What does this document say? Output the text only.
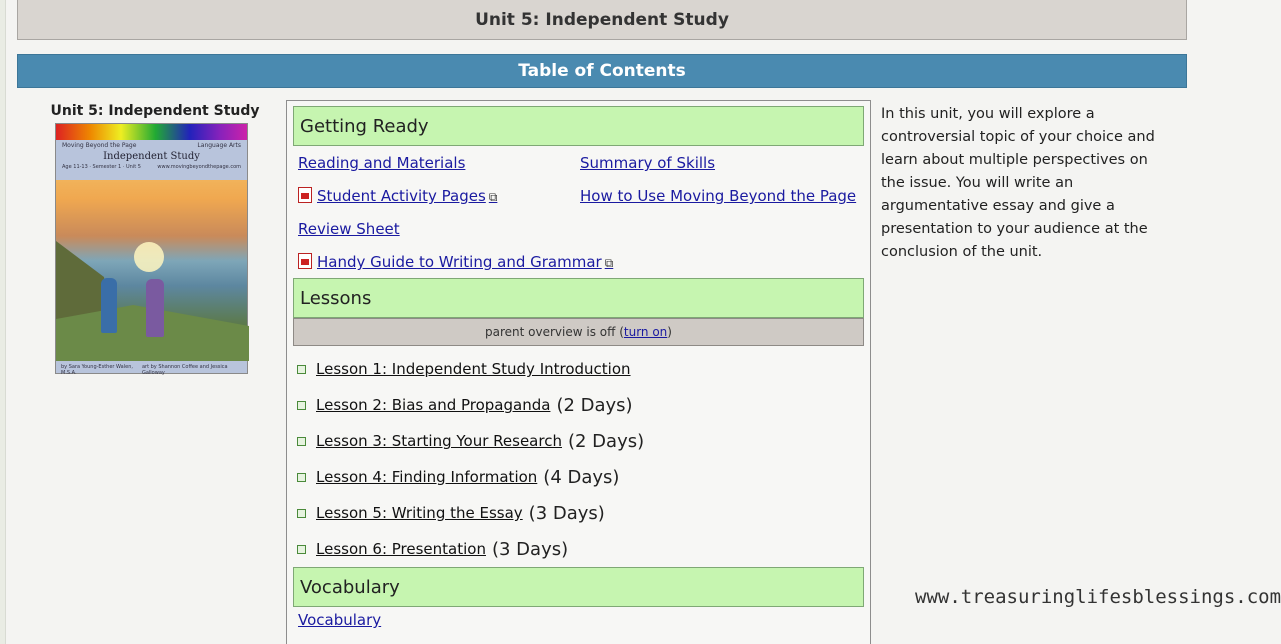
Unit 5: Independent Study
Table of Contents
Unit 5: Independent Study
Moving Beyond the Page	Language Arts
Independent Study
Age 11-13 · Semester 1 · Unit 5	www.movingbeyondthepage.com
by Sara Young-Esther Walen, M.S.A.
art by Shannon Coffee and Jessica Galloway
Getting Ready
Reading and Materials	Summary of Skills
Student Activity Pages ⧉	How to Use Moving Beyond the Page
Review Sheet
Handy Guide to Writing and Grammar ⧉
Lessons
parent overview is off ( turn on )
Lesson 1: Independent Study Introduction
Lesson 2: Bias and Propaganda (2 Days)
Lesson 3: Starting Your Research (2 Days)
Lesson 4: Finding Information (4 Days)
Lesson 5: Writing the Essay (3 Days)
Lesson 6: Presentation (3 Days)
Vocabulary
Vocabulary
In this unit, you will explore a controversial topic of your choice and learn about multiple perspectives on the issue. You will write an argumentative essay and give a presentation to your audience at the conclusion of the unit.
www.treasuringlifesblessings.com
